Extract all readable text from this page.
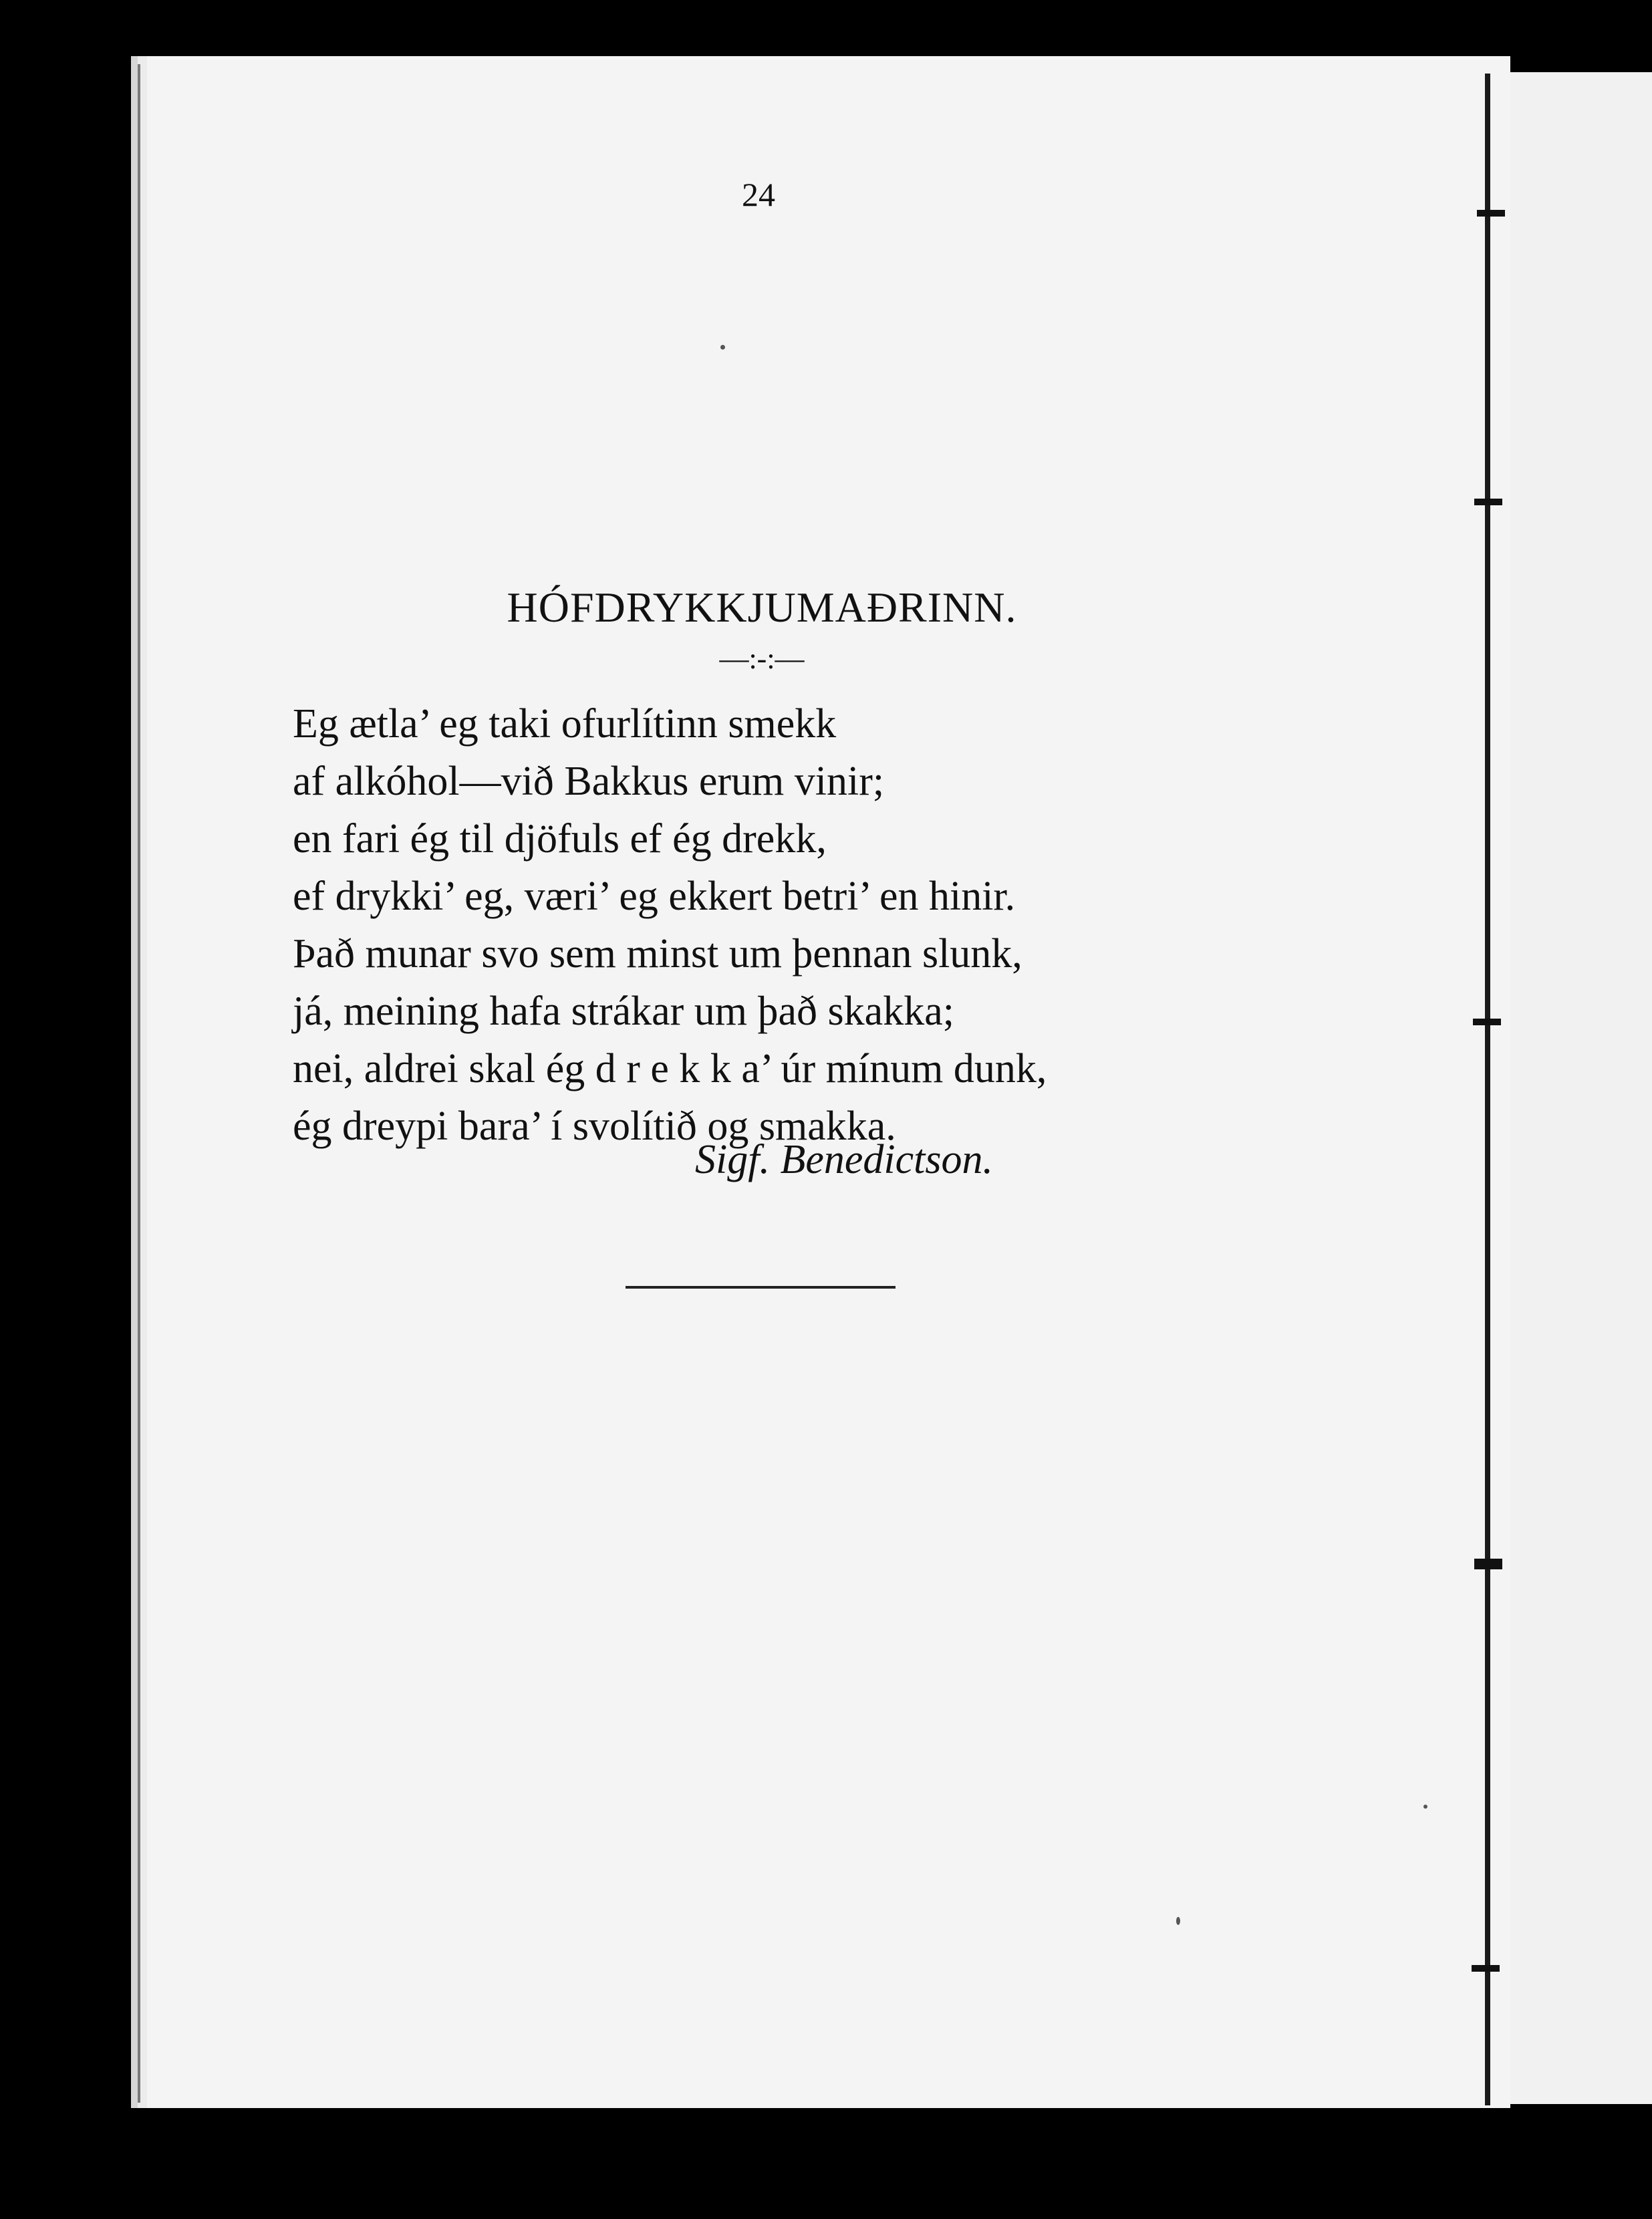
24
HÓFDRYKKJUMAÐRINN.
—:-:—
Eg ætla’ eg taki ofurlítinn smekk
af alkóhol—við Bakkus erum vinir;
en fari ég til djöfuls ef ég drekk,
ef drykki’ eg, væri’ eg ekkert betri’ en hinir.
Það munar svo sem minst um þennan slunk,
já, meining hafa strákar um það skakka;
nei, aldrei skal ég d r e k k a’ úr mínum dunk,
ég dreypi bara’ í svolítið og smakka.
Sigf. Benedictson.
